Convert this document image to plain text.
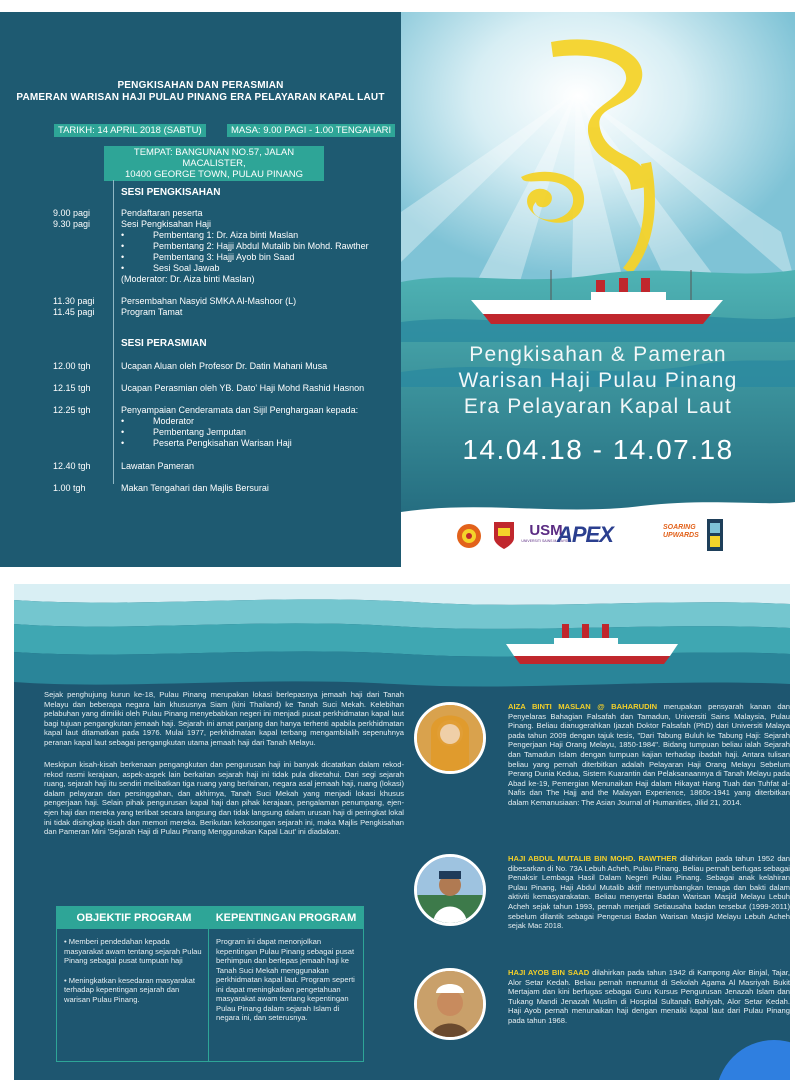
PENGKISAHAN DAN PERASMIAN
PAMERAN WARISAN HAJI PULAU PINANG ERA PELAYARAN KAPAL LAUT
TARIKH: 14 APRIL 2018 (SABTU)	MASA: 9.00 PAGI - 1.00 TENGAHARI
TEMPAT: BANGUNAN NO.57, JALAN MACALISTER,
10400 GEORGE TOWN, PULAU PINANG
SESI PENGKISAHAN
9.00 pagi	Pendaftaran peserta
9.30 pagi	Sesi Pengkisahan Haji
•	Pembentang 1: Dr. Aiza binti Maslan
•	Pembentang 2: Hajji Abdul Mutalib bin Mohd. Rawther
•	Pembentang 3: Hajji Ayob bin Saad
•	Sesi Soal Jawab
(Moderator: Dr. Aiza binti Maslan)
11.30 pagi	Persembahan Nasyid SMKA Al-Mashoor (L)
11.45 pagi	Program Tamat
SESI PERASMIAN
12.00 tgh	Ucapan Aluan oleh Profesor Dr. Datin Mahani Musa
12.15 tgh	Ucapan Perasmian oleh YB. Dato' Haji Mohd Rashid Hasnon
12.25 tgh	Penyampaian Cenderamata dan Sijil Penghargaan kepada:
•	Moderator
•	Pembentang Jemputan
•	Peserta Pengkisahan Warisan Haji
12.40 tgh	Lawatan Pameran
1.00 tgh	Makan Tengahari dan Majlis Bersurai
Pengkisahan & Pameran
Warisan Haji Pulau Pinang
Era Pelayaran Kapal Laut
14.04.18 - 14.07.18
USM
UNIVERSITI SAINS MALAYSIA
APEX	SOARING
UPWARDS
Sejak penghujung kurun ke-18, Pulau Pinang merupakan lokasi berlepasnya jemaah haji dari Tanah Melayu dan beberapa negara lain khususnya Siam (kini Thailand) ke Tanah Suci Mekah. Kelebihan pelabuhan yang dimiliki oleh Pulau Pinang menyebabkan negeri ini menjadi pusat perkhidmatan kapal laut bagi tujuan pengangkutan jemaah haji. Sejarah ini amat panjang dan hanya terhenti apabila perkhidmatan kapal laut ditamatkan pada 1976. Mulai 1977, perkhidmatan kapal terbang mengambilalih sepenuhnya peranan kapal laut sebagai pengangkutan utama jemaah haji dari Tanah Melayu.
Meskipun kisah-kisah berkenaan pengangkutan dan pengurusan haji ini banyak dicatatkan dalam rekod-rekod rasmi kerajaan, aspek-aspek lain berkaitan sejarah haji ini tidak pula diketahui. Dari segi sejarah ruang, sejarah haji itu sendiri melibatkan tiga ruang yang berlainan, negara asal jemaah haji, ruang (lokasi) dalam pelayaran dan persinggahan, dan akhirnya, Tanah Suci Mekah yang menjadi lokasi khusus pengerjaan haji. Selain pihak pengurusan kapal haji dan pihak kerajaan, pengalaman penumpang, ejen-ejen haji dan mereka yang terlibat secara langsung dan tidak langsung dalam urusan haji di peringkat lokal ini tidak disingkap kisah dan memori mereka. Berikutan kekosongan sejarah ini, maka Majlis Pengkisahan dan Pameran Mini 'Sejarah Haji di Pulau Pinang Menggunakan Kapal Laut' ini diadakan.
OBJEKTIF PROGRAM
• Memberi pendedahan kepada masyarakat awam tentang sejarah Pulau Pinang sebagai pusat tumpuan haji
• Meningkatkan kesedaran masyarakat terhadap kepentingan sejarah dan warisan Pulau Pinang.
KEPENTINGAN PROGRAM
Program ini dapat menonjolkan kepentingan Pulau Pinang sebagai pusat berhimpun dan berlepas jemaah haji ke Tanah Suci Mekah menggunakan perkhidmatan kapal laut. Program seperti ini dapat meningkatkan pengetahuan masyarakat awam tentang kepentingan Pulau Pinang dalam sejarah Islam di negara ini, dan seterusnya.
AIZA BINTI MASLAN @ BAHARUDIN merupakan pensyarah kanan dan Penyelaras Bahagian Falsafah dan Tamadun, Universiti Sains Malaysia, Pulau Pinang. Beliau dianugerahkan Ijazah Doktor Falsafah (PhD) dari Universiti Malaya pada tahun 2009 dengan tajuk tesis, "Dari Tabung Buluh ke Tabung Haji: Sejarah Pengerjaan Haji Orang Melayu, 1850-1984". Bidang tumpuan beliau ialah Sejarah dan Tamadun Islam dengan tumpuan kajian terhadap ibadah haji. Antara tulisan beliau yang pernah diterbitkan adalah Pelayaran Haji Orang Melayu Sebelum Perang Dunia Kedua, Sistem Kuarantin dan Pelaksanaannya di Tanah Melayu pada Abad ke-19, Pemergian Menunaikan Haji dalam Hikayat Hang Tuah dan Tuhfat al-Nafis dan The Hajj and the Malayan Experience, 1860s-1941 yang diterbitkan dalam Kemanusiaan: The Asian Journal of Humanities, Jilid 21, 2014.
HAJI ABDUL MUTALIB BIN MOHD. RAWTHER dilahirkan pada tahun 1952 dan dibesarkan di No. 73A Lebuh Acheh, Pulau Pinang. Beliau pernah berfugas sebagai Penaksir Lembaga Hasil Dalam Negeri Pulau Pinang. Sebagai anak kelahiran Pulau Pinang, Haji Abdul Mutalib aktif menyumbangkan tenaga dan bakti dalam aktiviti kemasyarakatan. Beliau menyertai Badan Warisan Masjid Melayu Lebuh Acheh sejak tahun 1993, pernah menjadi Setiausaha badan tersebut (1999-2011) sebelum dilantik sebagai Pengerusi Badan Warisan Masjid Melayu Lebuh Acheh sejak Mac 2018.
HAJI AYOB BIN SAAD dilahirkan pada tahun 1942 di Kampong Alor Binjal, Tajar, Alor Setar Kedah. Beliau pernah menuntut di Sekolah Agama Al Masriyah Bukit Mertajam dan kini berfugas sebagai Guru Kursus Pengurusan Jenazah Islam dan Tukang Mandi Jenazah Muslim di Hospital Sultanah Bahiyah, Alor Setar Kedah. Haji Ayob pernah menunaikan haji dengan menaiki kapal laut dari Pulau Pinang pada tahun 1968.
